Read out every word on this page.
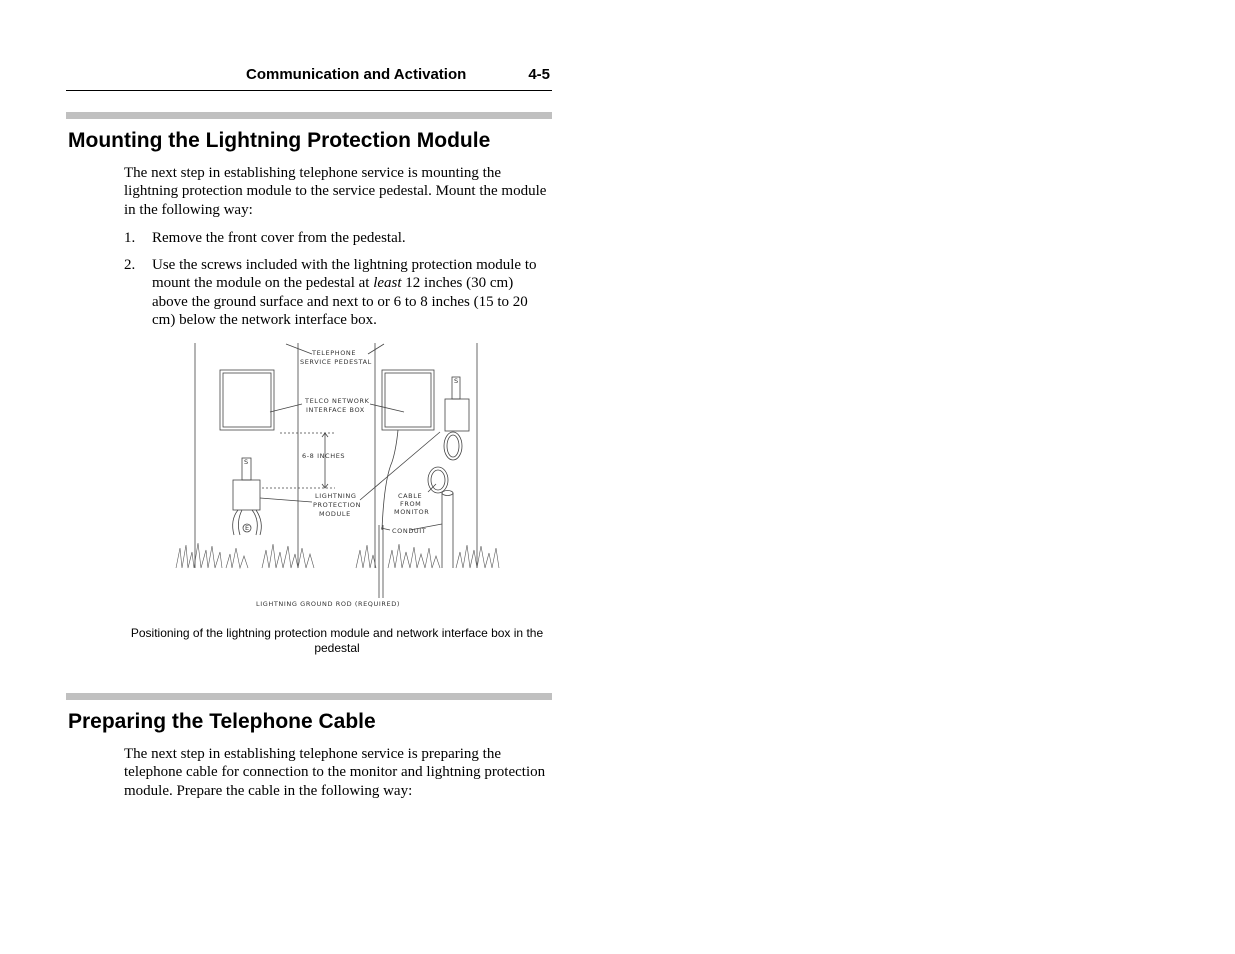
Communication and Activation	4-5
Mounting the Lightning Protection Module

The next step in establishing telephone service is mounting the lightning protection module to the service pedestal. Mount the module in the following way:

1. Remove the front cover from the pedestal.
2. Use the screws included with the lightning protection module to mount the module on the pedestal at least 12 inches (30 cm) above the ground surface and next to or 6 to 8 inches (15 to 20 cm) below the network interface box.
TELEPHONE
SERVICE PEDESTAL
TELCO NETWORK
INTERFACE BOX
6-8 INCHES
LIGHTNING
PROTECTION
MODULE
CABLE
FROM
MONITOR
CONDUIT
LIGHTNING GROUND ROD (REQUIRED)
S
S
E
Positioning of the lightning protection module and network interface box in the pedestal
Preparing the Telephone Cable

The next step in establishing telephone service is preparing the telephone cable for connection to the monitor and lightning protection module. Prepare the cable in the following way:
